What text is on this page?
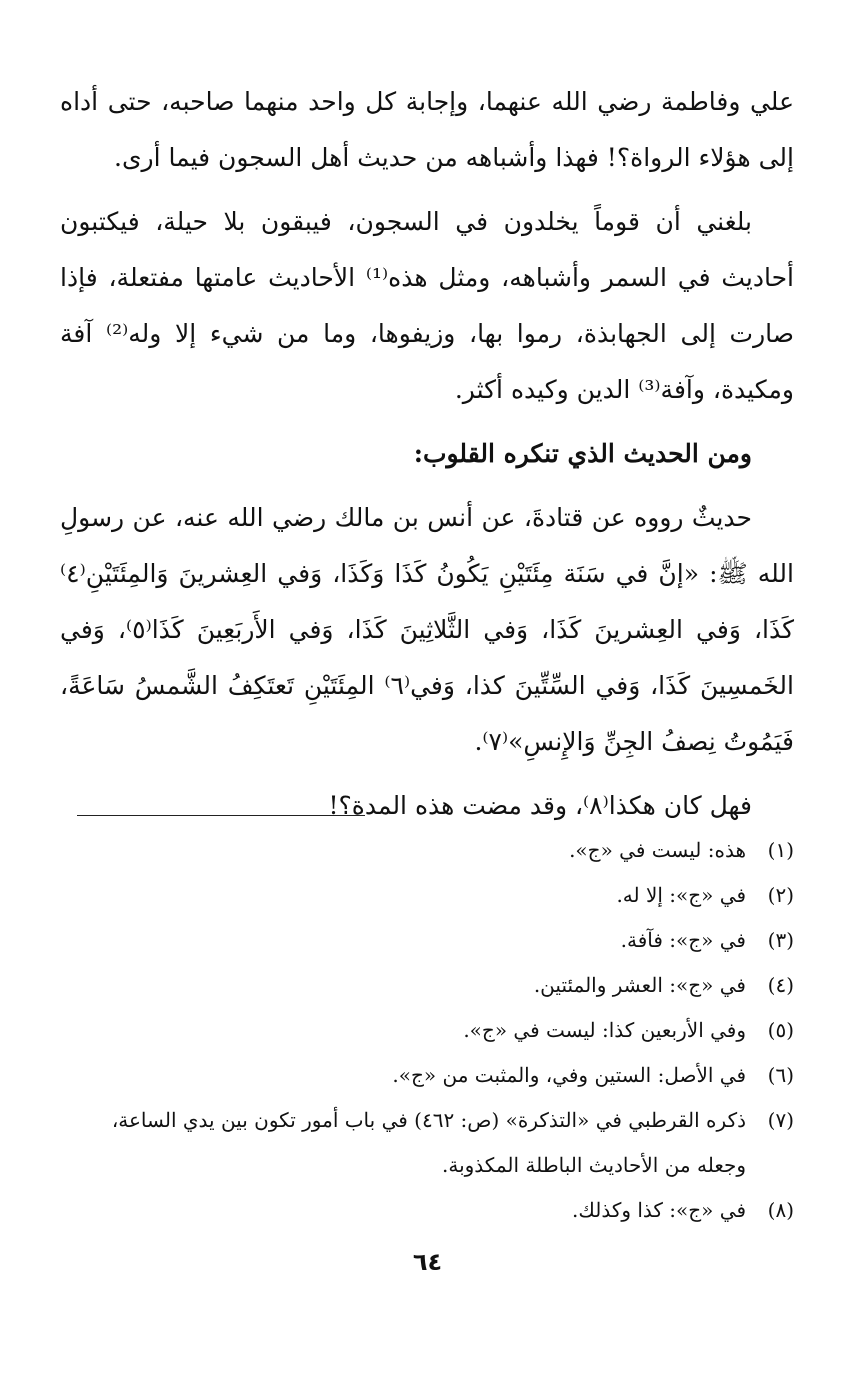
علي وفاطمة رضي الله عنهما، وإجابة كل واحد منهما صاحبه، حتى أداه إلى هؤلاء الرواة؟! فهذا وأشباهه من حديث أهل السجون فيما أرى.

بلغني أن قوماً يخلدون في السجون، فيبقون بلا حيلة، فيكتبون أحاديث في السمر وأشباهه، ومثل هذه⁽¹⁾ الأحاديث عامتها مفتعلة، فإذا صارت إلى الجهابذة، رموا بها، وزيفوها، وما من شيء إلا وله⁽²⁾ آفة ومكيدة، وآفة⁽³⁾ الدين وكيده أكثر.

ومن الحديث الذي تنكره القلوب:

حديثٌ رووه عن قتادةَ، عن أنس بن مالك رضي الله عنه، عن رسولِ الله ﷺ: «إنَّ في سَنَة مِئَتَيْنِ يَكُونُ كَذَا وَكَذَا، وَفي العِشرينَ وَالمِئَتَيْنِ⁽٤⁾ كَذَا، وَفي العِشرينَ كَذَا، وَفي الثَّلاثِينَ كَذَا، وَفي الأَربَعِينَ كَذَا⁽٥⁾، وَفي الخَمسِينَ كَذَا، وَفي السِّتِّينَ كذا، وَفي⁽٦⁾ المِئَتَيْنِ تَعتَكِفُ الشَّمسُ سَاعَةً، فَيَمُوتُ نِصفُ الجِنِّ وَالإِنسِ»⁽٧⁾.

فهل كان هكذا⁽٨⁾، وقد مضت هذه المدة؟!

(١)
هذه: ليست في «ج».
(٢)
في «ج»: إلا له.
(٣)
في «ج»: فآفة.
(٤)
في «ج»: العشر والمئتين.
(٥)
وفي الأربعين كذا: ليست في «ج».
(٦)
في الأصل: الستين وفي، والمثبت من «ج».
(٧)
ذكره القرطبي في «التذكرة» (ص: ٤٦٢) في باب أمور تكون بين يدي الساعة، وجعله من الأحاديث الباطلة المكذوبة.
(٨)
في «ج»: كذا وكذلك.
٦٤
